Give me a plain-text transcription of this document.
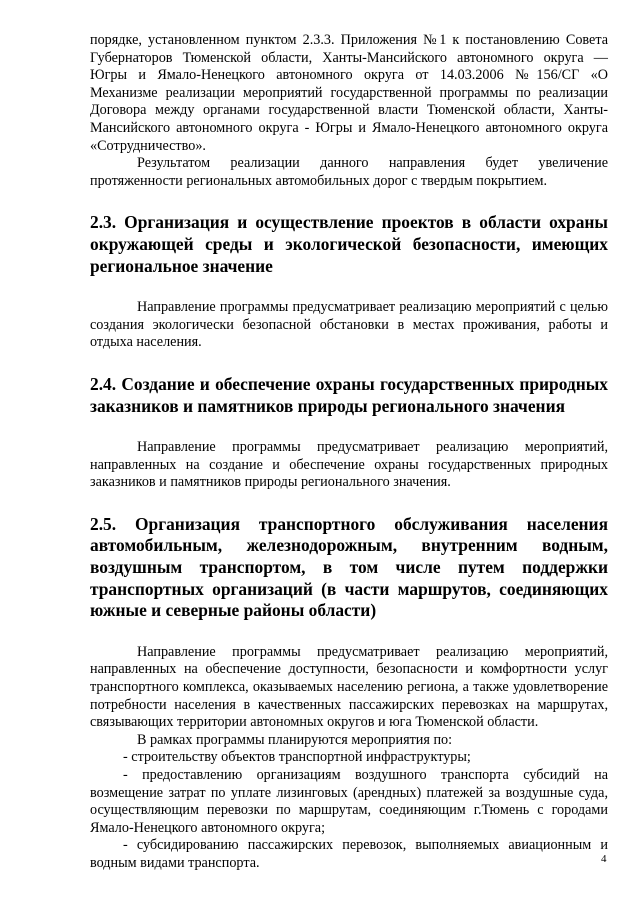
порядке, установленном пунктом 2.3.3. Приложения №1 к постановлению Совета Губернаторов Тюменской области, Ханты-Мансийского автономного округа — Югры и Ямало-Ненецкого автономного округа от 14.03.2006 №156/СГ «О Механизме реализации мероприятий государственной программы по реализации Договора между органами государственной власти Тюменской области, Ханты-Мансийского автономного округа - Югры и Ямало-Ненецкого автономного округа «Сотрудничество».

Результатом реализации данного направления будет увеличение протяженности региональных автомобильных дорог с твердым покрытием.

2.3. Организация и осуществление проектов в области охраны окружающей среды и экологической безопасности, имеющих региональное значение

Направление программы предусматривает реализацию мероприятий с целью создания экологически безопасной обстановки в местах проживания, работы и отдыха населения.

2.4. Создание и обеспечение охраны государственных природных заказников и памятников природы регионального значения

Направление программы предусматривает реализацию мероприятий, направленных на создание и обеспечение охраны государственных природных заказников и памятников природы регионального значения.

2.5. Организация транспортного обслуживания населения автомобильным, железнодорожным, внутренним водным, воздушным транспортом, в том числе путем поддержки транспортных организаций (в части маршрутов, соединяющих южные и северные районы области)

Направление программы предусматривает реализацию мероприятий, направленных на обеспечение доступности, безопасности и комфортности услуг транспортного комплекса, оказываемых населению региона, а также удовлетворение потребности населения в качественных пассажирских перевозках на маршрутах, связывающих территории автономных округов и юга Тюменской области.

В рамках программы планируются мероприятия по:

- строительству объектов транспортной инфраструктуры;

- предоставлению организациям воздушного транспорта субсидий на возмещение затрат по уплате лизинговых (арендных) платежей за воздушные суда, осуществляющим перевозки по маршрутам, соединяющим г.Тюмень с городами Ямало-Ненецкого автономного округа;

- субсидированию пассажирских перевозок, выполняемых авиационным и водным видами транспорта.	4
